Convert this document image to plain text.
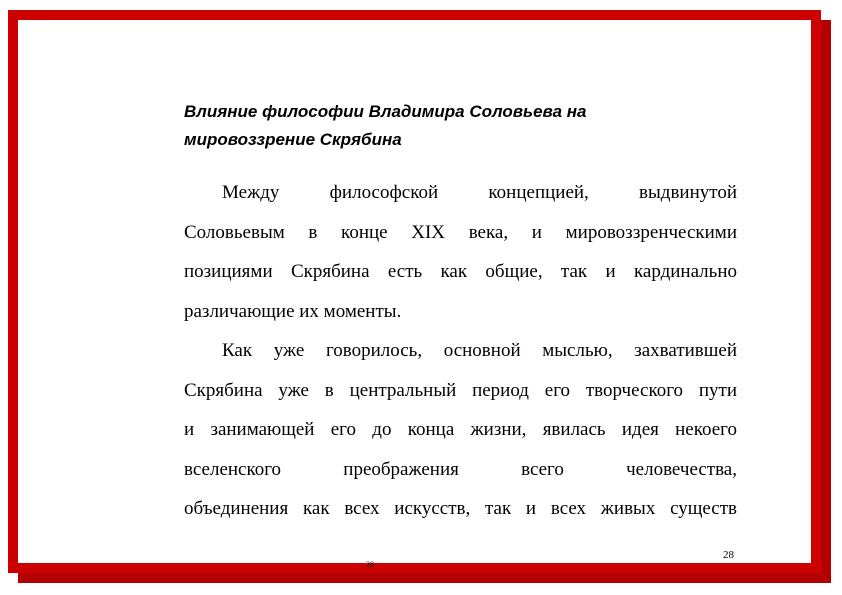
Влияние философии Владимира Соловьева на
мировоззрение Скрябина
Между философской концепцией, выдвинутой
Соловьевым в конце XIX века, и мировоззренческими
позициями Скрябина есть как общие, так и кардинально
различающие их моменты.
Как уже говорилось, основной мыслью, захватившей
Скрябина уже в центральный период его творческого пути
и занимающей его до конца жизни, явилась идея некоего
вселенского преображения всего человечества,
объединения как всех искусств, так и всех живых существ
28
28
